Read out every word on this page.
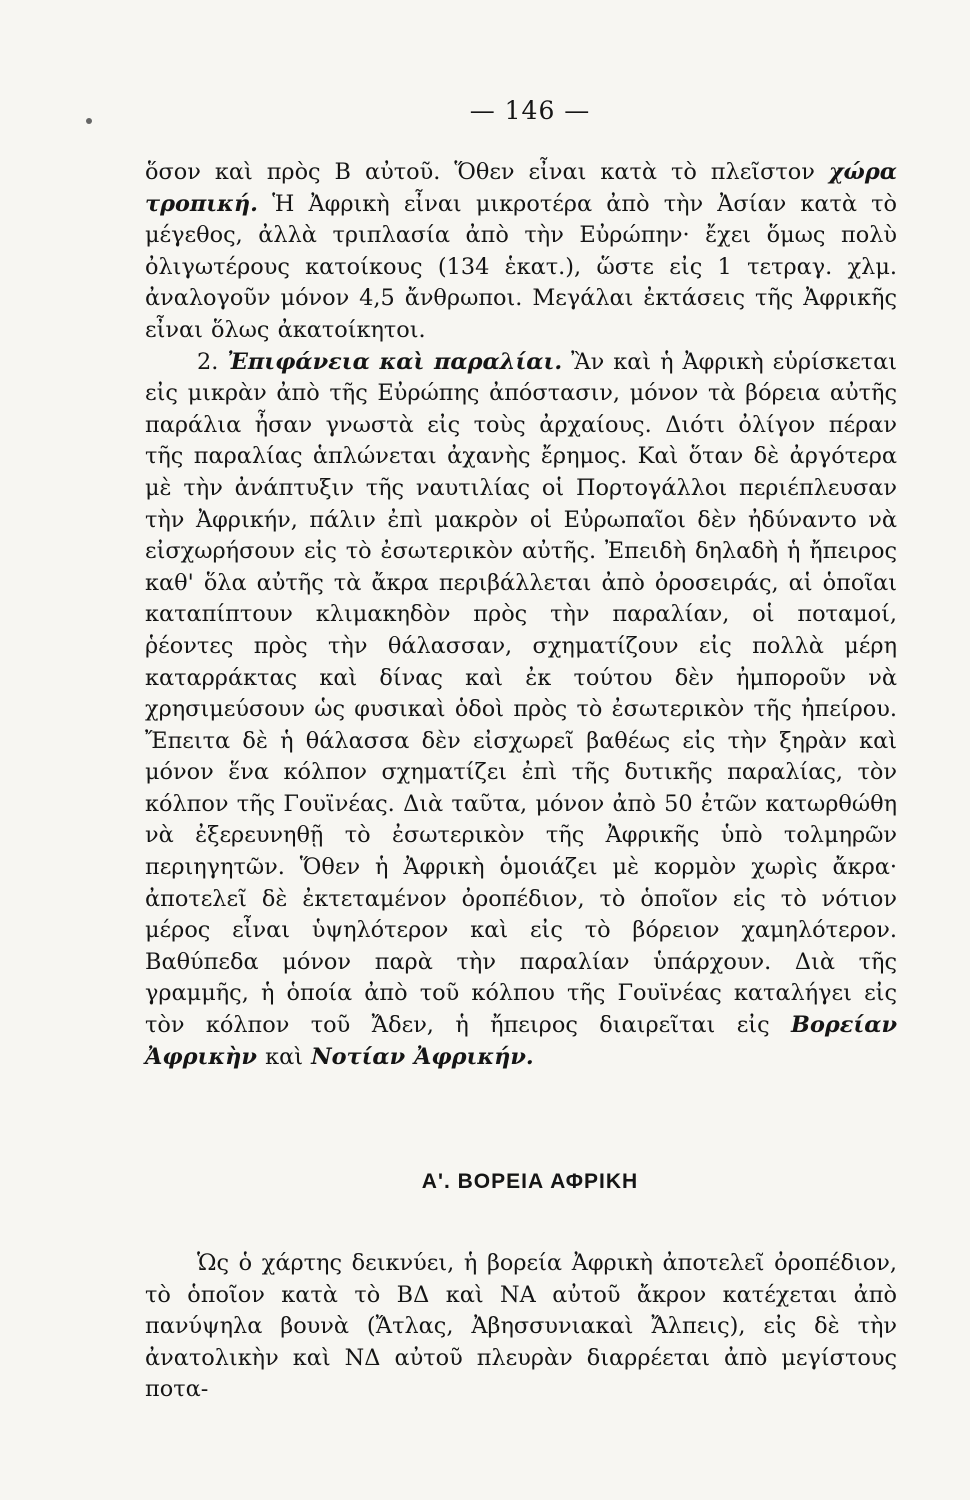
— 146 —

ὅσον καὶ πρὸς Β αὐτοῦ. Ὅθεν εἶναι κατὰ τὸ πλεῖστον χώρα τροπική. Ἡ Ἀφρικὴ εἶναι μικροτέρα ἀπὸ τὴν Ἀσίαν κατὰ τὸ μέγεθος, ἀλλὰ τριπλασία ἀπὸ τὴν Εὐρώπην· ἔχει ὅμως πολὺ ὀλιγωτέρους κατοίκους (134 ἑκατ.), ὥστε εἰς 1 τετραγ. χλμ. ἀναλογοῦν μόνον 4,5 ἄνθρωποι. Μεγάλαι ἐκτάσεις τῆς Ἀφρικῆς εἶναι ὅλως ἀκατοίκητοι.

2. Ἐπιφάνεια καὶ παραλίαι. Ἂν καὶ ἡ Ἀφρικὴ εὑρίσκεται εἰς μικρὰν ἀπὸ τῆς Εὐρώπης ἀπόστασιν, μόνον τὰ βόρεια αὐτῆς παράλια ἦσαν γνωστὰ εἰς τοὺς ἀρχαίους. Διότι ὀλίγον πέραν τῆς παραλίας ἁπλώνεται ἀχανὴς ἔρημος. Καὶ ὅταν δὲ ἀργότερα μὲ τὴν ἀνάπτυξιν τῆς ναυτιλίας οἱ Πορτογάλλοι περιέπλευσαν τὴν Ἀφρικήν, πάλιν ἐπὶ μακρὸν οἱ Εὐρωπαῖοι δὲν ἠδύναντο νὰ εἰσχωρήσουν εἰς τὸ ἐσωτερικὸν αὐτῆς. Ἐπειδὴ δηλαδὴ ἡ ἤπειρος καθ' ὅλα αὐτῆς τὰ ἄκρα περιβάλλεται ἀπὸ ὀροσειράς, αἱ ὁποῖαι καταπίπτουν κλιμακηδὸν πρὸς τὴν παραλίαν, οἱ ποταμοί, ῥέοντες πρὸς τὴν θάλασσαν, σχηματίζουν εἰς πολλὰ μέρη καταρράκτας καὶ δίνας καὶ ἐκ τούτου δὲν ἠμποροῦν νὰ χρησιμεύσουν ὡς φυσικαὶ ὁδοὶ πρὸς τὸ ἐσωτερικὸν τῆς ἠπείρου. Ἔπειτα δὲ ἡ θάλασσα δὲν εἰσχωρεῖ βαθέως εἰς τὴν ξηρὰν καὶ μόνον ἕνα κόλπον σχηματίζει ἐπὶ τῆς δυτικῆς παραλίας, τὸν κόλπον τῆς Γουϊνέας. Διὰ ταῦτα, μόνον ἀπὸ 50 ἐτῶν κατωρθώθη νὰ ἐξερευνηθῇ τὸ ἐσωτερικὸν τῆς Ἀφρικῆς ὑπὸ τολμηρῶν περιηγητῶν. Ὅθεν ἡ Ἀφρικὴ ὁμοιάζει μὲ κορμὸν χωρὶς ἄκρα· ἀποτελεῖ δὲ ἐκτεταμένον ὀροπέδιον, τὸ ὁποῖον εἰς τὸ νότιον μέρος εἶναι ὑψηλότερον καὶ εἰς τὸ βόρειον χαμηλότερον. Βαθύπεδα μόνον παρὰ τὴν παραλίαν ὑπάρχουν. Διὰ τῆς γραμμῆς, ἡ ὁποία ἀπὸ τοῦ κόλπου τῆς Γουϊνέας καταλήγει εἰς τὸν κόλπον τοῦ Ἄδεν, ἡ ἤπειρος διαιρεῖται εἰς Βορείαν Ἀφρικὴν καὶ Νοτίαν Ἀφρικήν.

Α'. ΒΟΡΕΙΑ ΑΦΡΙΚΗ

Ὡς ὁ χάρτης δεικνύει, ἡ βορεία Ἀφρικὴ ἀποτελεῖ ὀροπέδιον, τὸ ὁποῖον κατὰ τὸ ΒΔ καὶ ΝΑ αὐτοῦ ἄκρον κατέχεται ἀπὸ πανύψηλα βουνὰ (Ἄτλας, Ἀβησσυνιακαὶ Ἄλπεις), εἰς δὲ τὴν ἀνατολικὴν καὶ ΝΔ αὐτοῦ πλευρὰν διαρρέεται ἀπὸ μεγίστους ποτα-
